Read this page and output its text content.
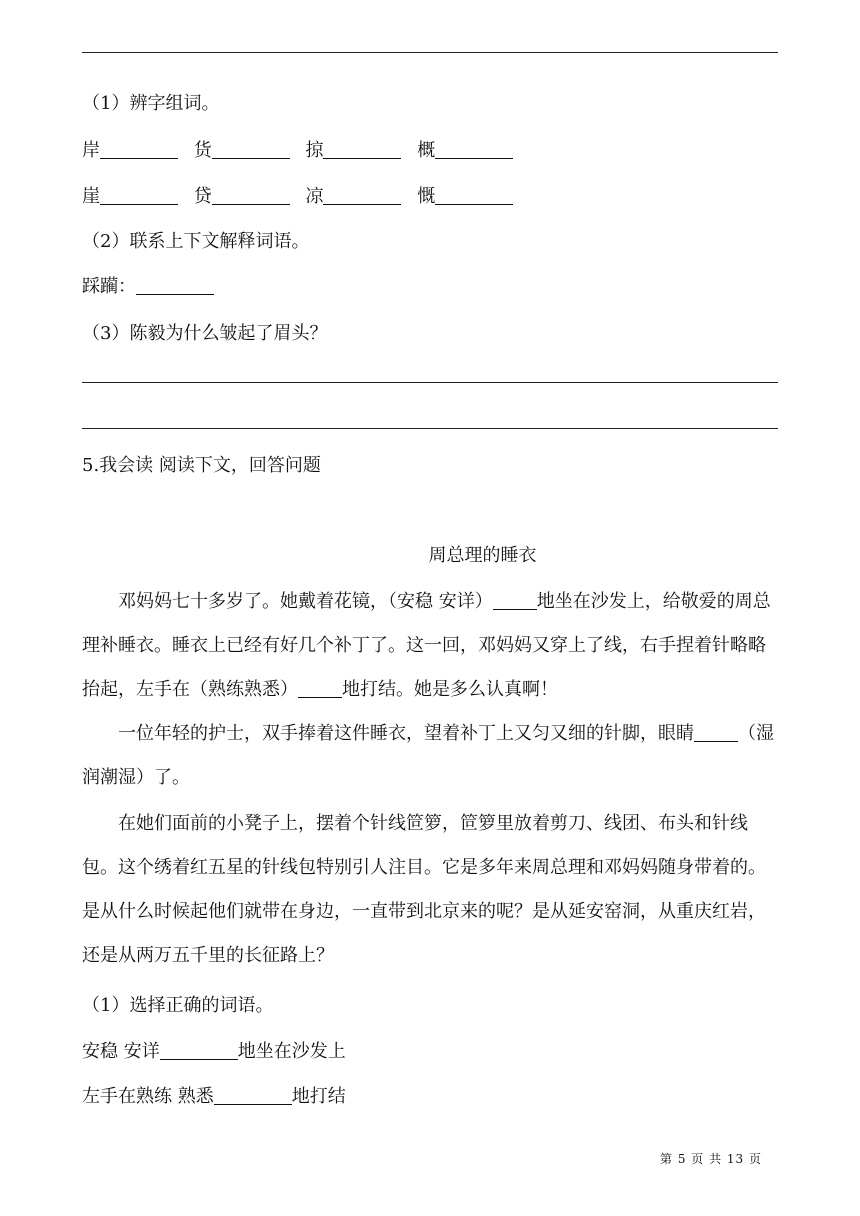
（1）辨字组词。
岸	货	掠	概
崖	贷	凉	慨
（2）联系上下文解释词语。
踩躏：
（3）陈毅为什么皱起了眉头？
5.我会读 阅读下文，回答问题
周总理的睡衣
邓妈妈七十多岁了。她戴着花镜，（安稳 安详） 地坐在沙发上，给敬爱的周总理补睡衣。睡衣上已经有好几个补丁了。这一回，邓妈妈又穿上了线，右手捏着针略略抬起，左手在（熟练熟悉） 地打结。她是多么认真啊！
一位年轻的护士，双手捧着这件睡衣，望着补丁上又匀又细的针脚，眼睛 （湿润潮湿）了。
在她们面前的小凳子上，摆着个针线笸箩，笸箩里放着剪刀、线团、布头和针线包。这个绣着红五星的针线包特别引人注目。它是多年来周总理和邓妈妈随身带着的。是从什么时候起他们就带在身边，一直带到北京来的呢？是从延安窑洞，从重庆红岩，还是从两万五千里的长征路上？
（1）选择正确的词语。
安稳 安详	地坐在沙发上
左手在熟练 熟悉	地打结
第 5 页 共 13 页
